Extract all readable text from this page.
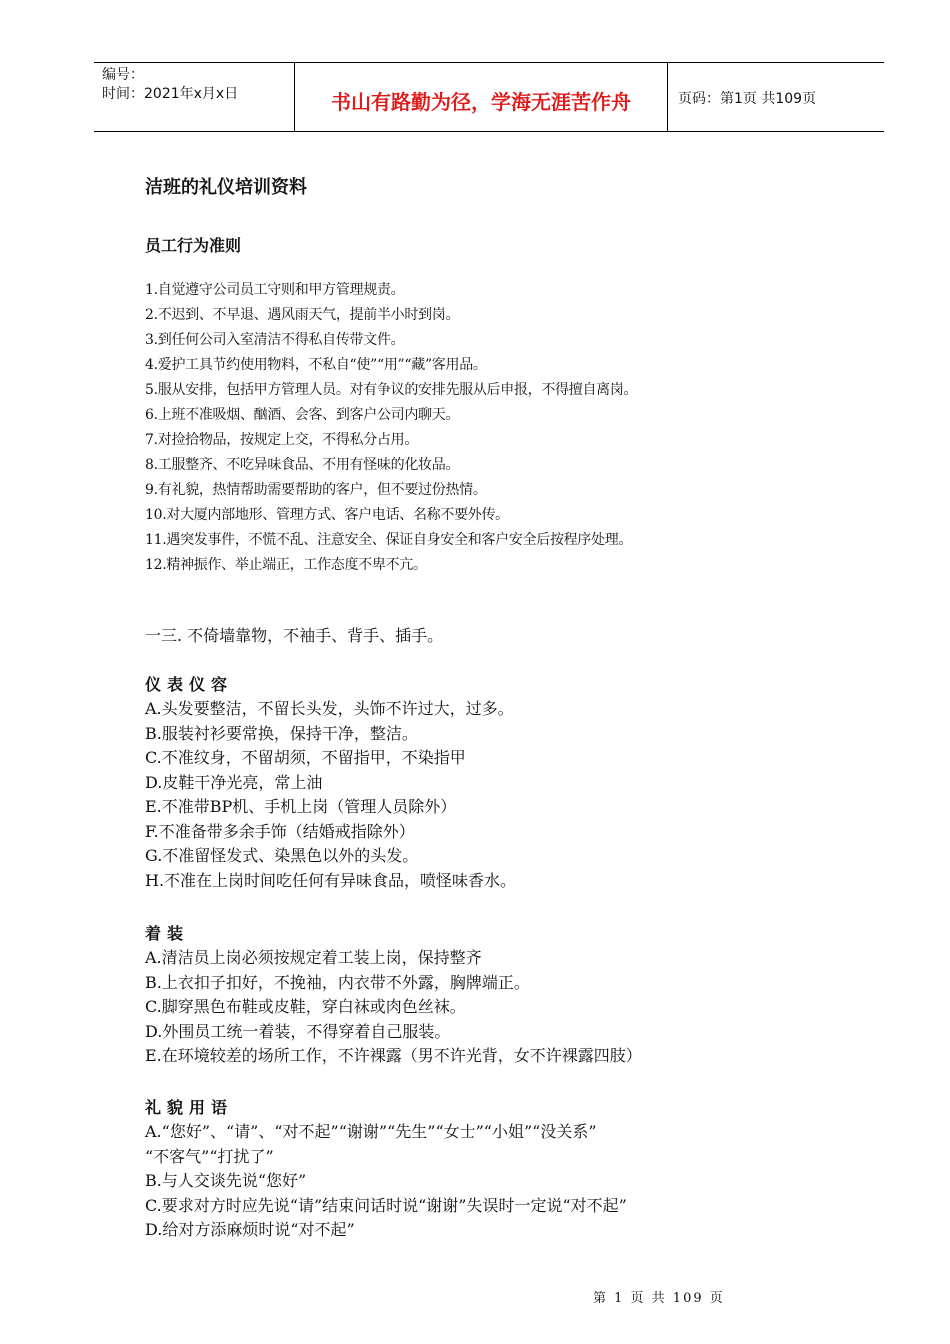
编号：
时间：2021年x月x日	书山有路勤为径，学海无涯苦作舟	页码：第1页 共109页
洁班的礼仪培训资料
员工行为准则
1.自觉遵守公司员工守则和甲方管理规责。
2.不迟到、不早退、遇风雨天气，提前半小时到岗。
3.到任何公司入室清洁不得私自传带文件。
4.爱护工具节约使用物料，不私自“使”“用”“藏”客用品。
5.服从安排，包括甲方管理人员。对有争议的安排先服从后申报，不得擅自离岗。
6.上班不准吸烟、酗酒、会客、到客户公司内聊天。
7.对捡拾物品，按规定上交，不得私分占用。
8.工服整齐、不吃异味食品、不用有怪味的化妆品。
9.有礼貌，热情帮助需要帮助的客户，但不要过份热情。
10.对大厦内部地形、管理方式、客户电话、名称不要外传。
11.遇突发事件，不慌不乱、注意安全、保证自身安全和客户安全后按程序处理。
12.精神振作、举止端正，工作态度不卑不亢。
一三. 不倚墙靠物，不袖手、背手、插手。
仪表仪容
A.头发要整洁，不留长头发，头饰不许过大，过多。
B.服装衬衫要常换，保持干净，整洁。
C.不准纹身，不留胡须，不留指甲，不染指甲
D.皮鞋干净光亮，常上油
E.不准带BP机、手机上岗（管理人员除外）
F.不准备带多余手饰（结婚戒指除外）
G.不准留怪发式、染黑色以外的头发。
H.不准在上岗时间吃任何有异味食品，喷怪味香水。
着装
A.清洁员上岗必须按规定着工装上岗，保持整齐
B.上衣扣子扣好，不挽袖，内衣带不外露，胸牌端正。
C.脚穿黑色布鞋或皮鞋，穿白袜或肉色丝袜。
D.外围员工统一着装，不得穿着自己服装。
E.在环境较差的场所工作，不许裸露（男不许光背，女不许裸露四肢）
礼貌用语
A.“您好”、“请”、“对不起”“谢谢”“先生”“女士”“小姐”“没关系”
“不客气”“打扰了”
B.与人交谈先说“您好”
C.要求对方时应先说“请”结束问话时说“谢谢”失误时一定说“对不起”
D.给对方添麻烦时说“对不起”
第 1 页 共 109 页
